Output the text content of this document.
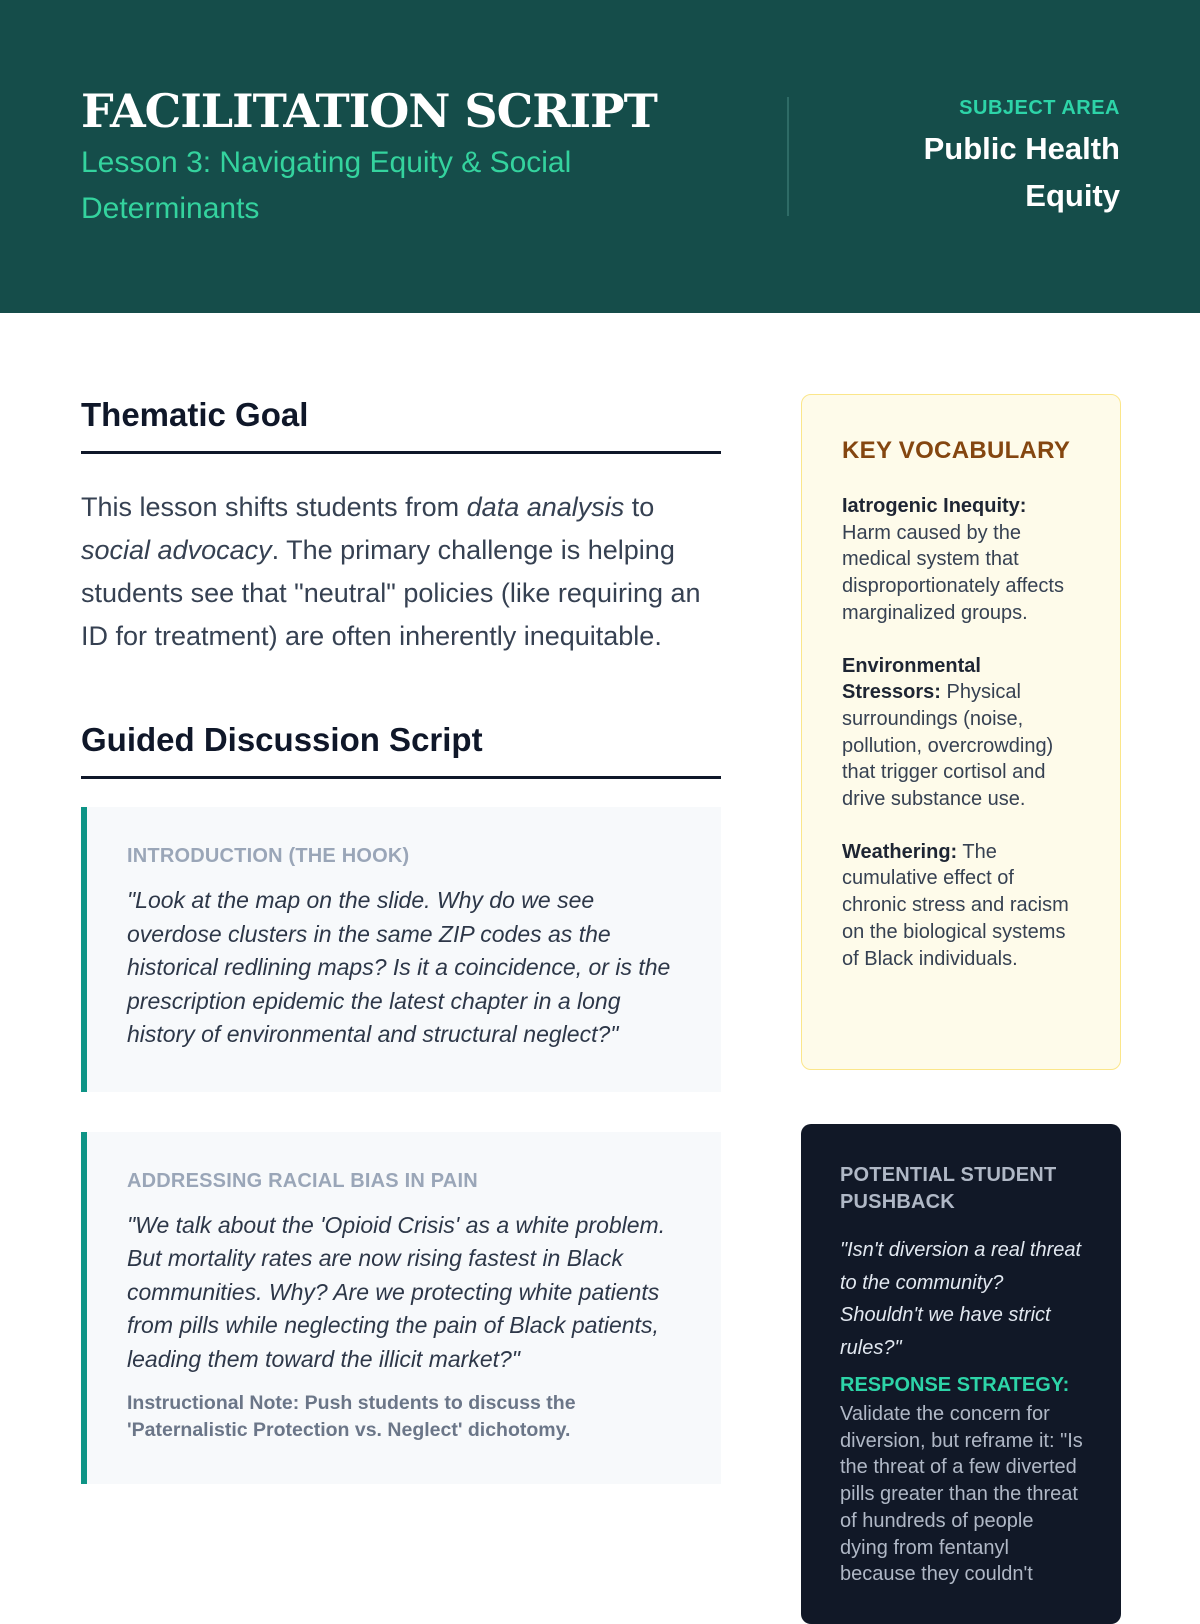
FACILITATION SCRIPT
Lesson 3: Navigating Equity & Social Determinants
SUBJECT AREA
Public Health Equity
Thematic Goal

This lesson shifts students from data analysis to social advocacy. The primary challenge is helping students see that "neutral" policies (like requiring an ID for treatment) are often inherently inequitable.

Guided Discussion Script
INTRODUCTION (THE HOOK)

"Look at the map on the slide. Why do we see overdose clusters in the same ZIP codes as the historical redlining maps? Is it a coincidence, or is the prescription epidemic the latest chapter in a long history of environmental and structural neglect?"

ADDRESSING RACIAL BIAS IN PAIN

"We talk about the 'Opioid Crisis' as a white problem. But mortality rates are now rising fastest in Black communities. Why? Are we protecting white patients from pills while neglecting the pain of Black patients, leading them toward the illicit market?"

Instructional Note: Push students to discuss the 'Paternalistic Protection vs. Neglect' dichotomy.
KEY VOCABULARY
Iatrogenic Inequity: Harm caused by the medical system that disproportionately affects marginalized groups.
Environmental Stressors: Physical surroundings (noise, pollution, overcrowding) that trigger cortisol and drive substance use.
Weathering: The cumulative effect of chronic stress and racism on the biological systems of Black individuals.
POTENTIAL STUDENT PUSHBACK

"Isn't diversion a real threat to the community? Shouldn't we have strict rules?"

RESPONSE STRATEGY:
Validate the concern for diversion, but reframe it: "Is the threat of a few diverted pills greater than the threat of hundreds of people dying from fentanyl because they couldn't
